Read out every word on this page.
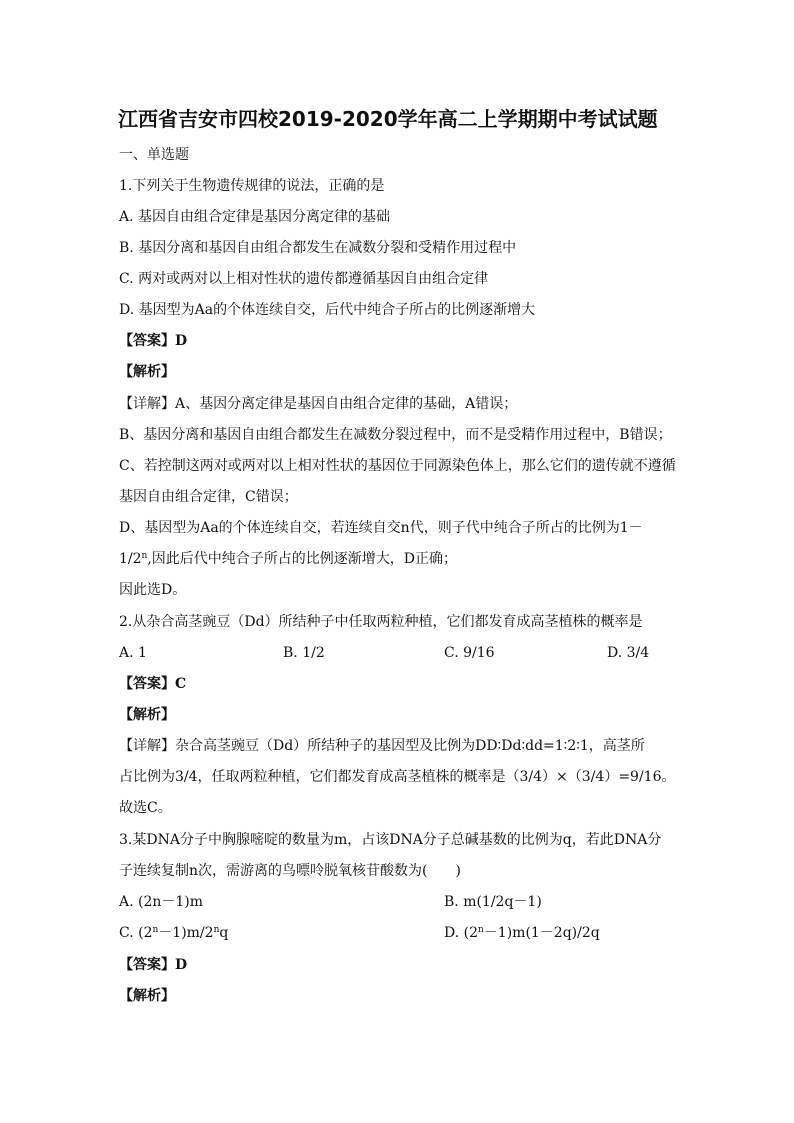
江西省吉安市四校2019-2020学年高二上学期期中考试试题
一、单选题
1.下列关于生物遗传规律的说法，正确的是
A. 基因自由组合定律是基因分离定律的基础
B. 基因分离和基因自由组合都发生在减数分裂和受精作用过程中
C. 两对或两对以上相对性状的遗传都遵循基因自由组合定律
D. 基因型为Aa的个体连续自交，后代中纯合子所占的比例逐渐增大
【答案】D
【解析】
【详解】A、基因分离定律是基因自由组合定律的基础，A错误；
B、基因分离和基因自由组合都发生在减数分裂过程中，而不是受精作用过程中，B错误；
C、若控制这两对或两对以上相对性状的基因位于同源染色体上，那么它们的遗传就不遵循
基因自由组合定律，C错误；
D、基因型为Aa的个体连续自交，若连续自交n代，则子代中纯合子所占的比例为1－
$1/2^n$,因此后代中纯合子所占的比例逐渐增大，D正确；
因此选D。
2.从杂合高茎豌豆（Dd）所结种子中任取两粒种植，它们都发育成高茎植株的概率是
A. 1	B. 1/2	C. 9/16	D. 3/4
【答案】C
【解析】
【详解】杂合高茎豌豆（Dd）所结种子的基因型及比例为DD∶Dd∶dd=1∶2∶1，高茎所
占比例为3/4，任取两粒种植，它们都发育成高茎植株的概率是（3/4）×（3/4）=9/16。
故选C。
3.某DNA分子中胸腺嘧啶的数量为m，占该DNA分子总碱基数的比例为q，若此DNA分
子连续复制n次，需游离的鸟嘌呤脱氧核苷酸数为(　　)
A. (2n－1)m	B. m(1/2q－1)
C. $(2^n-1)m/2^nq$	D. $(2^n-1)m(1-2q)/2q$
【答案】D
【解析】
